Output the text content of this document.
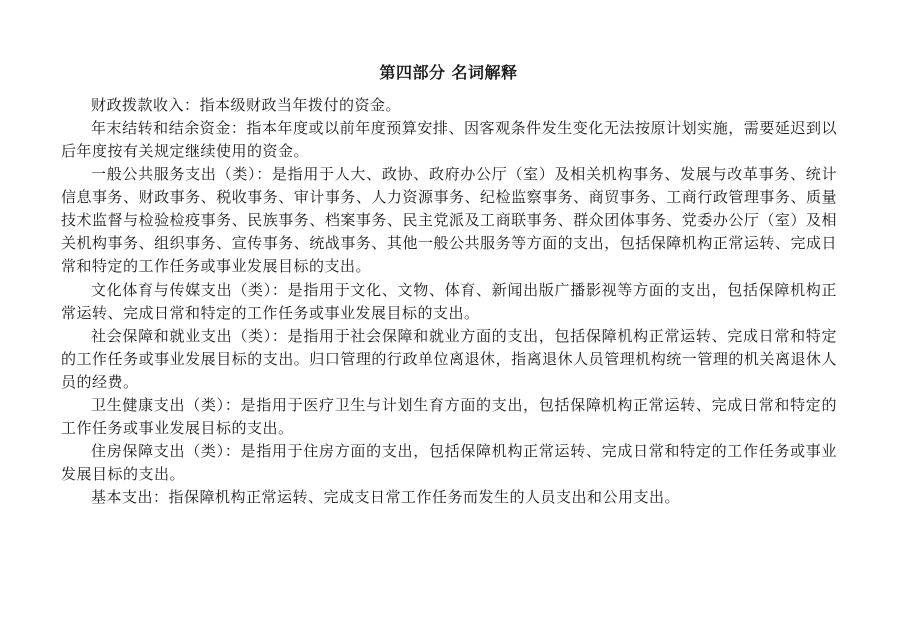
第四部分 名词解释

财政拨款收入：指本级财政当年拨付的资金。

年末结转和结余资金：指本年度或以前年度预算安排、因客观条件发生变化无法按原计划实施，需要延迟到以后年度按有关规定继续使用的资金。

一般公共服务支出（类）：是指用于人大、政协、政府办公厅（室）及相关机构事务、发展与改革事务、统计信息事务、财政事务、税收事务、审计事务、人力资源事务、纪检监察事务、商贸事务、工商行政管理事务、质量技术监督与检验检疫事务、民族事务、档案事务、民主党派及工商联事务、群众团体事务、党委办公厅（室）及相关机构事务、组织事务、宣传事务、统战事务、其他一般公共服务等方面的支出，包括保障机构正常运转、完成日常和特定的工作任务或事业发展目标的支出。

文化体育与传媒支出（类）：是指用于文化、文物、体育、新闻出版广播影视等方面的支出，包括保障机构正常运转、完成日常和特定的工作任务或事业发展目标的支出。

社会保障和就业支出（类）：是指用于社会保障和就业方面的支出，包括保障机构正常运转、完成日常和特定的工作任务或事业发展目标的支出。归口管理的行政单位离退休，指离退休人员管理机构统一管理的机关离退休人员的经费。

卫生健康支出（类）：是指用于医疗卫生与计划生育方面的支出，包括保障机构正常运转、完成日常和特定的工作任务或事业发展目标的支出。

住房保障支出（类）：是指用于住房方面的支出，包括保障机构正常运转、完成日常和特定的工作任务或事业发展目标的支出。

基本支出：指保障机构正常运转、完成支日常工作任务而发生的人员支出和公用支出。
